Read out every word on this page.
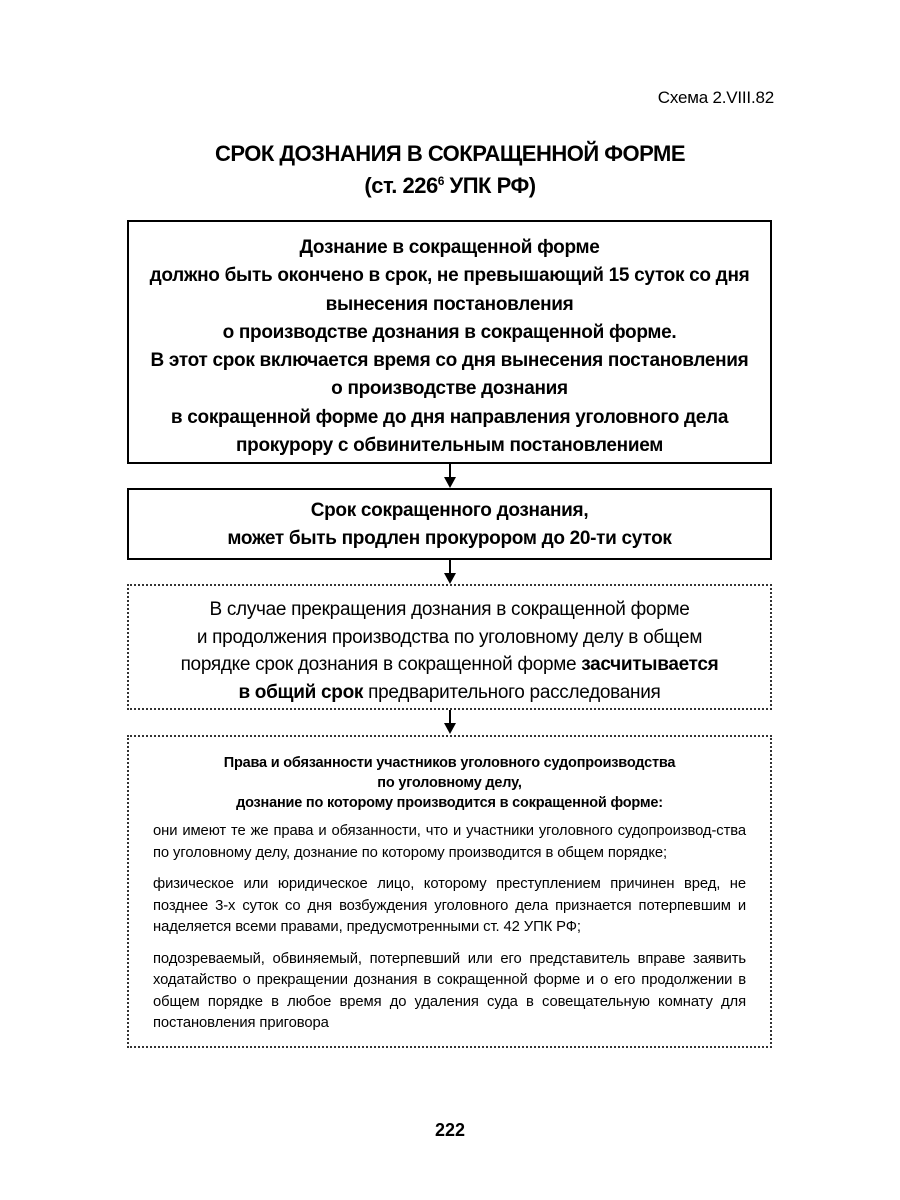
Схема 2.VIII.82
СРОК ДОЗНАНИЯ В СОКРАЩЕННОЙ ФОРМЕ
(ст. $226^6$ УПК РФ)
Дознание в сокращенной форме
должно быть окончено в срок, не превышающий 15 суток со дня
вынесения постановления
о производстве дознания в сокращенной форме.
В этот срок включается время со дня вынесения постановления
о производстве дознания
в сокращенной форме до дня направления уголовного дела
прокурору с обвинительным постановлением
Срок сокращенного дознания,
может быть продлен прокурором до 20-ти суток
В случае прекращения дознания в сокращенной форме
и продолжения производства по уголовному делу в общем
порядке срок дознания в сокращенной форме засчитывается
в общий срок предварительного расследования
Права и обязанности участников уголовного судопроизводства
по уголовному делу,
дознание по которому производится в сокращенной форме:

они имеют те же права и обязанности, что и участники уголовного судопроизвод-ства по уголовному делу, дознание по которому производится в общем порядке;

физическое или юридическое лицо, которому преступлением причинен вред, не позднее 3-х суток со дня возбуждения уголовного дела признается потерпевшим и наделяется всеми правами, предусмотренными ст. 42 УПК РФ;

подозреваемый, обвиняемый, потерпевший или его представитель вправе заявить ходатайство о прекращении дознания в сокращенной форме и о его продолжении в общем порядке в любое время до удаления суда в совещательную комнату для постановления приговора

222
